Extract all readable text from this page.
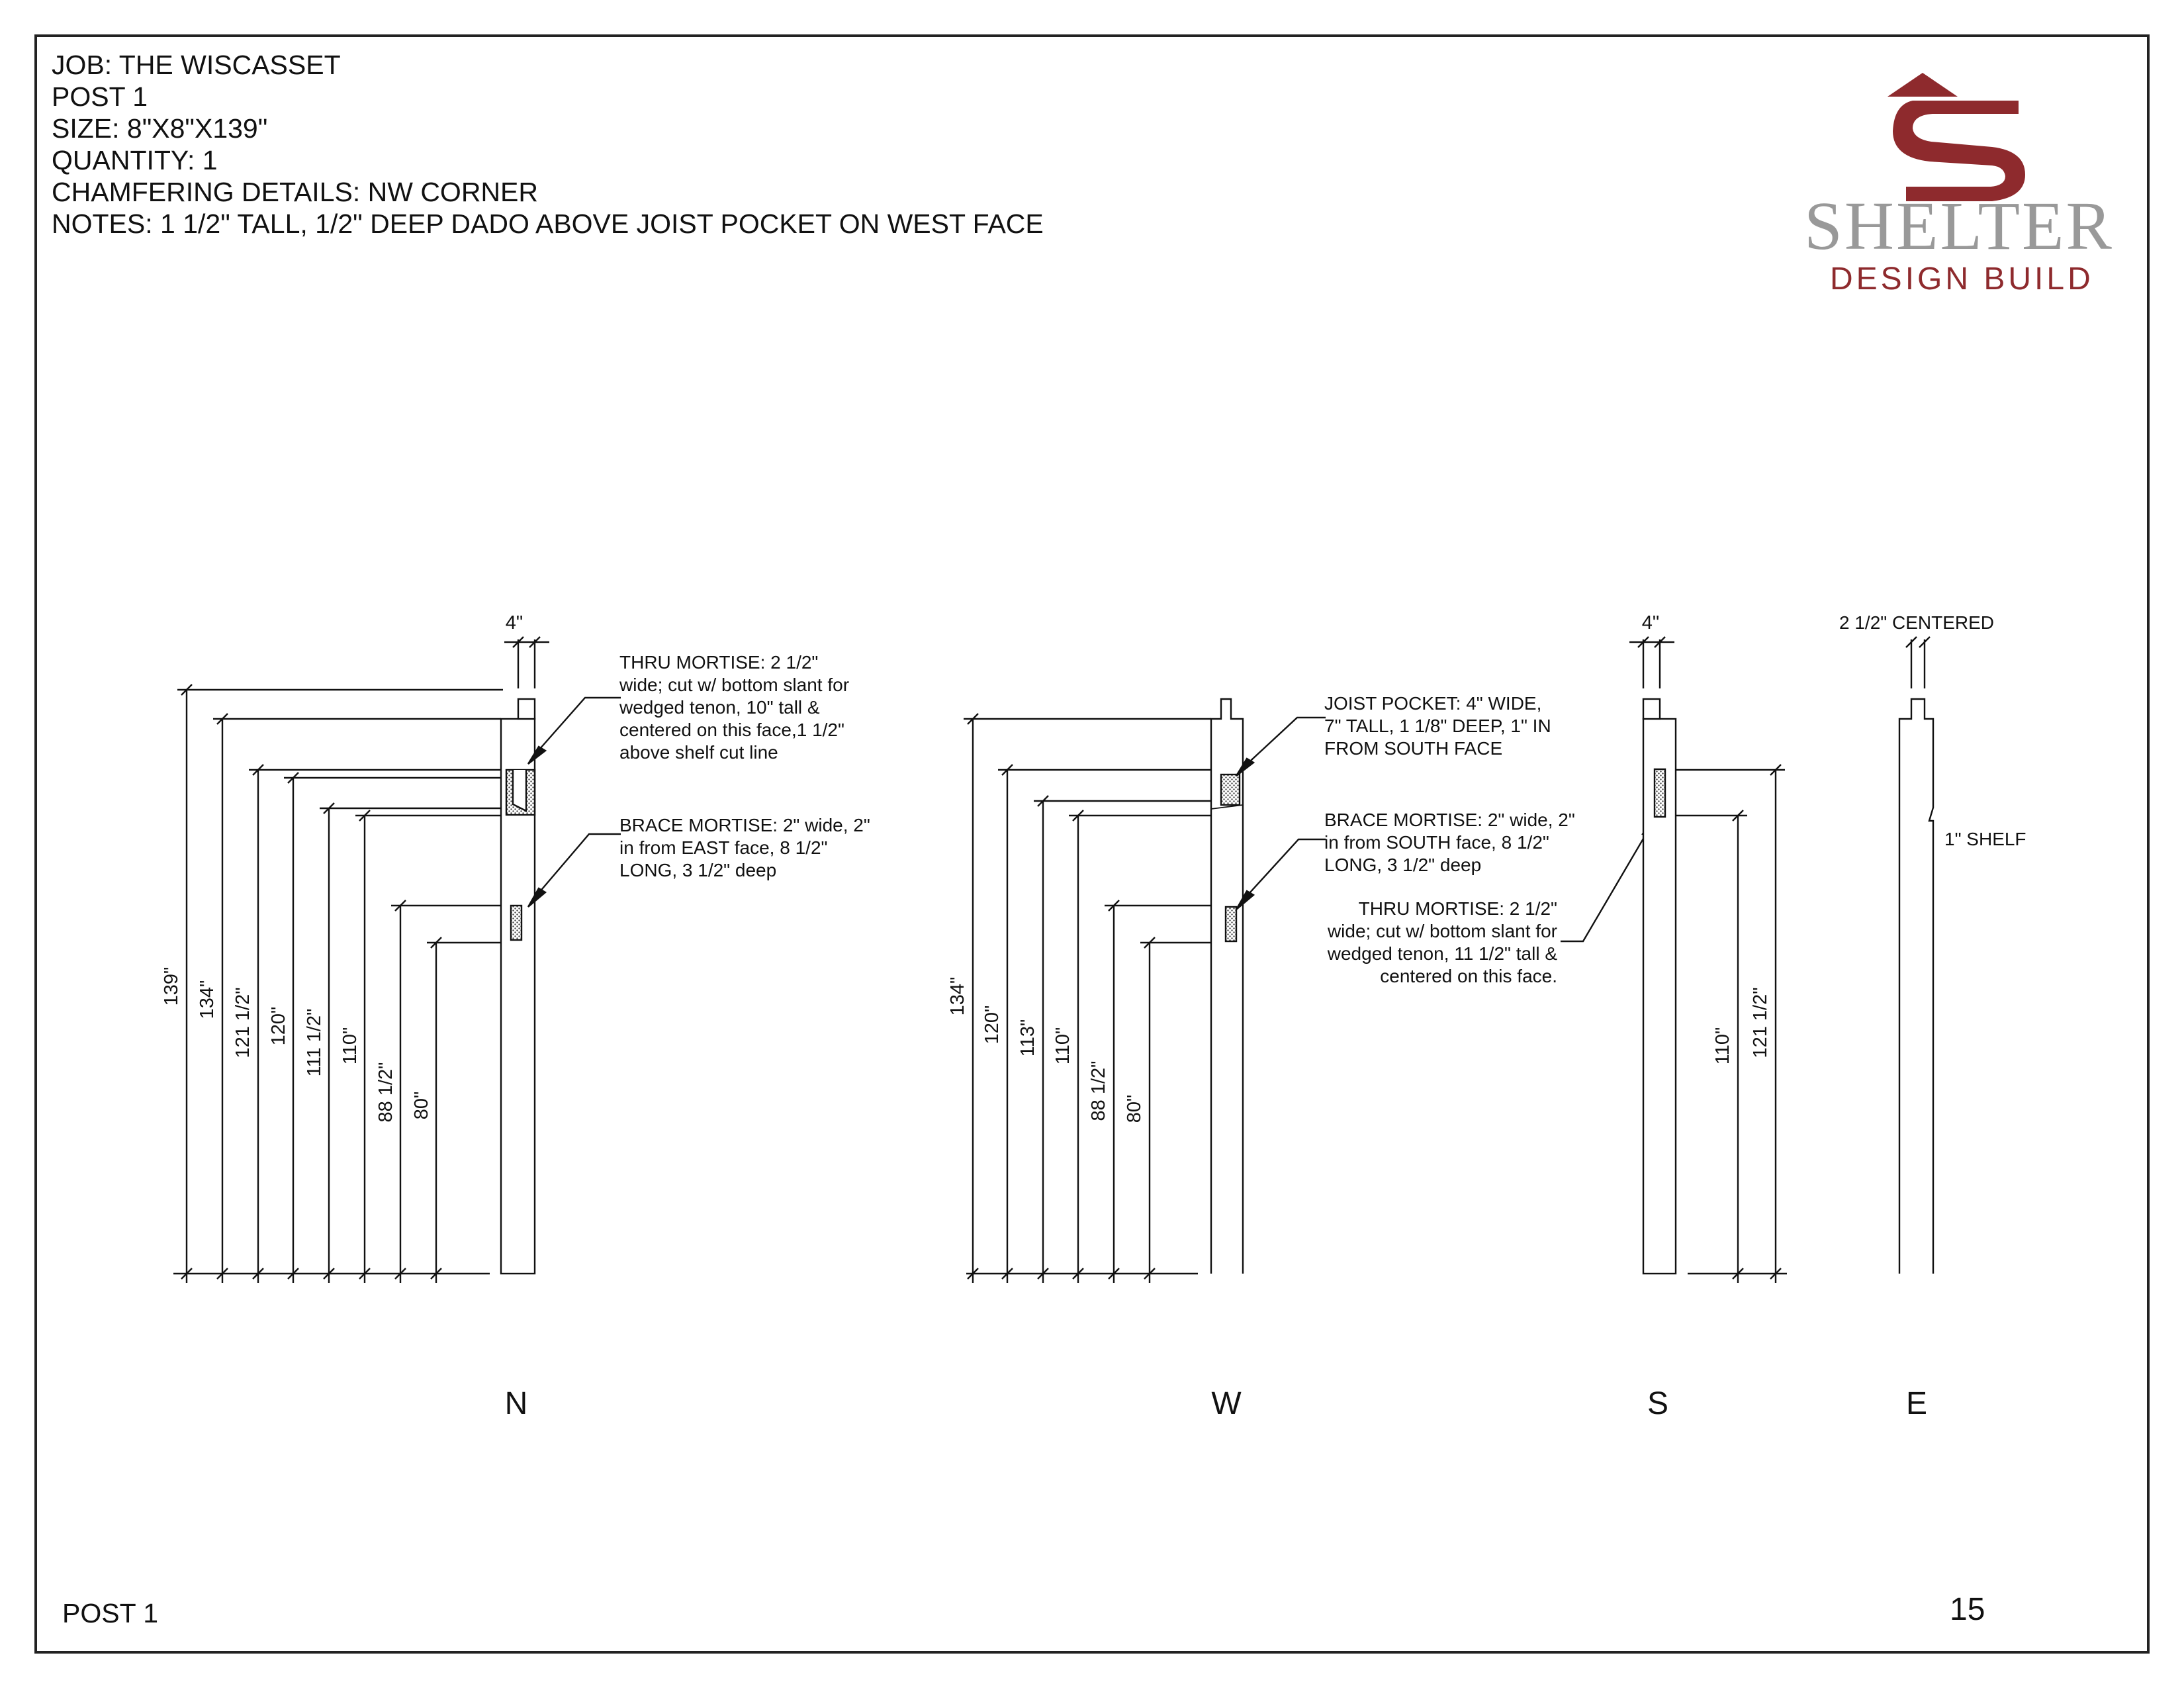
JOB: THE WISCASSET
POST 1
SIZE: 8"X8"X139"
QUANTITY: 1
CHAMFERING DETAILS: NW CORNER
NOTES: 1 1/2" TALL, 1/2" DEEP DADO ABOVE JOIST POCKET ON WEST FACE	SHELTER
DESIGN BUILD
POST 1	15
4"
139" 134" 121 1/2" 120" 111 1/2" 110"
88 1/2" 80"
THRU MORTISE: 2 1/2"
wide; cut w/ bottom slant for
wedged tenon, 10" tall &
centered on this face,1 1/2"
above shelf cut line
BRACE MORTISE: 2" wide, 2"
in from EAST face, 8 1/2"
LONG, 3 1/2" deep
N
134"
120" 113" 110"
88 1/2" 80"
JOIST POCKET: 4" WIDE,
7" TALL, 1 1/8" DEEP, 1" IN
FROM SOUTH FACE
BRACE MORTISE: 2" wide, 2"
in from SOUTH face, 8 1/2"
LONG, 3 1/2" deep
THRU MORTISE: 2 1/2"
wide; cut w/ bottom slant for
wedged tenon, 11 1/2" tall &
centered on this face.
W
4"
110" 121 1/2"
S
2 1/2" CENTERED
1" SHELF
E
